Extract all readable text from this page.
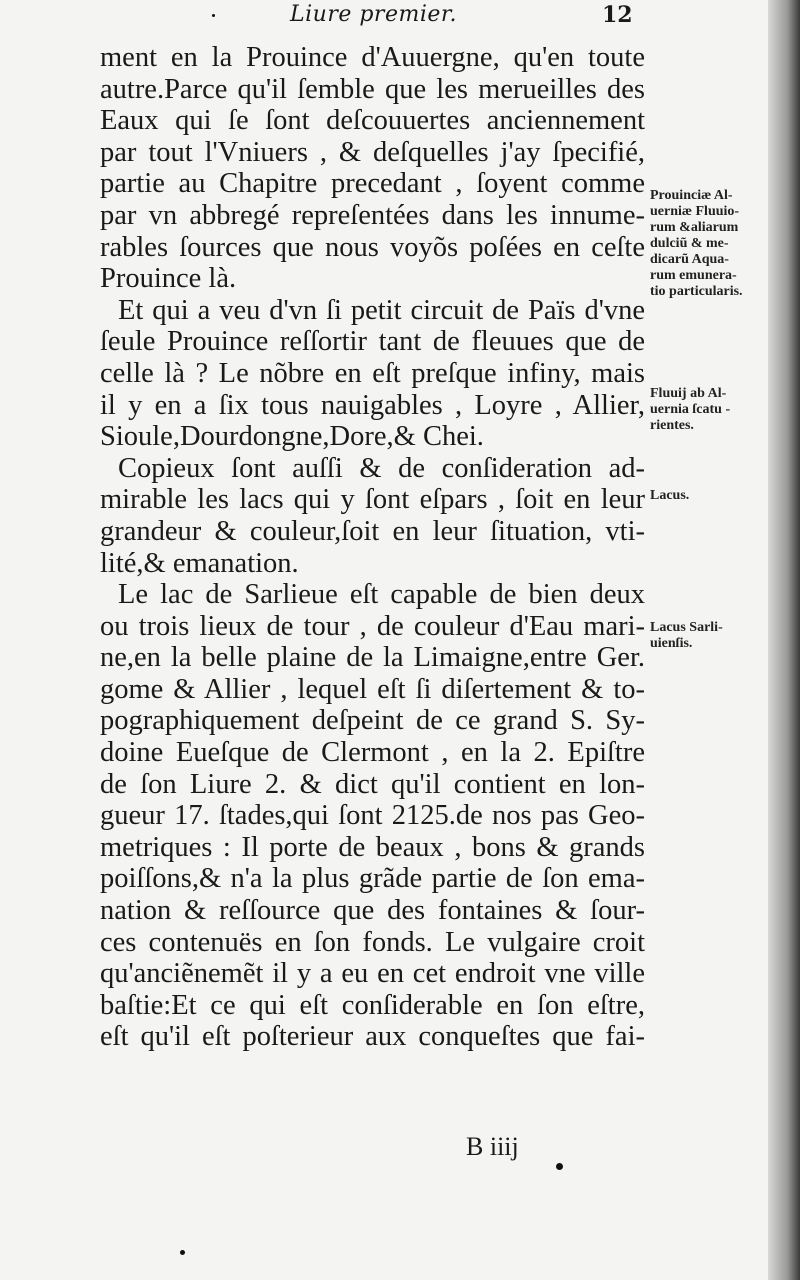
Liure premier.	12
ment en la Prouince d'Auuergne, qu'en toute
autre.Parce qu'il ſemble que les merueilles des
Eaux qui ſe ſont deſcouuertes anciennement
par tout l'Vniuers , & deſquelles j'ay ſpecifié,
partie au Chapitre precedant , ſoyent comme
par vn abbregé repreſentées dans les innume-
rables ſources que nous voyõs poſées en ceſte
Prouince là.
Et qui a veu d'vn ſi petit circuit de Païs d'vne
ſeule Prouince reſſortir tant de fleuues que de
celle là ? Le nõbre en eſt preſque infiny, mais
il y en a ſix tous nauigables , Loyre , Allier,
Sioule,Dourdongne,Dore,& Chei.
Copieux ſont auſſi & de conſideration ad-
mirable les lacs qui y ſont eſpars , ſoit en leur
grandeur & couleur,ſoit en leur ſituation, vti-
lité,& emanation.
Le lac de Sarlieue eſt capable de bien deux
ou trois lieux de tour , de couleur d'Eau mari-
ne,en la belle plaine de la Limaigne,entre Ger.
gome & Allier , lequel eſt ſi diſertement & to-
pographiquement deſpeint de ce grand S. Sy-
doine Eueſque de Clermont , en la 2. Epiſtre
de ſon Liure 2. & dict qu'il contient en lon-
gueur 17. ſtades,qui ſont 2125.de nos pas Geo-
metriques : Il porte de beaux , bons & grands
poiſſons,& n'a la plus grãde partie de ſon ema-
nation & reſſource que des fontaines & ſour-
ces contenuës en ſon fonds. Le vulgaire croit
qu'anciẽnemẽt il y a eu en cet endroit vne ville
baſtie:Et ce qui eſt conſiderable en ſon eſtre,
eſt qu'il eſt poſterieur aux conqueſtes que fai-
Prouinciæ Al-
uerniæ Fluuio-
rum &aliarum
dulciũ & me-
dicarũ Aqua-
rum emunera-
tio particularis.
Fluuij ab Al-
uernia ſcatu -
rientes.
Lacus.
Lacus Sarli-
uienſis.
B iiij
